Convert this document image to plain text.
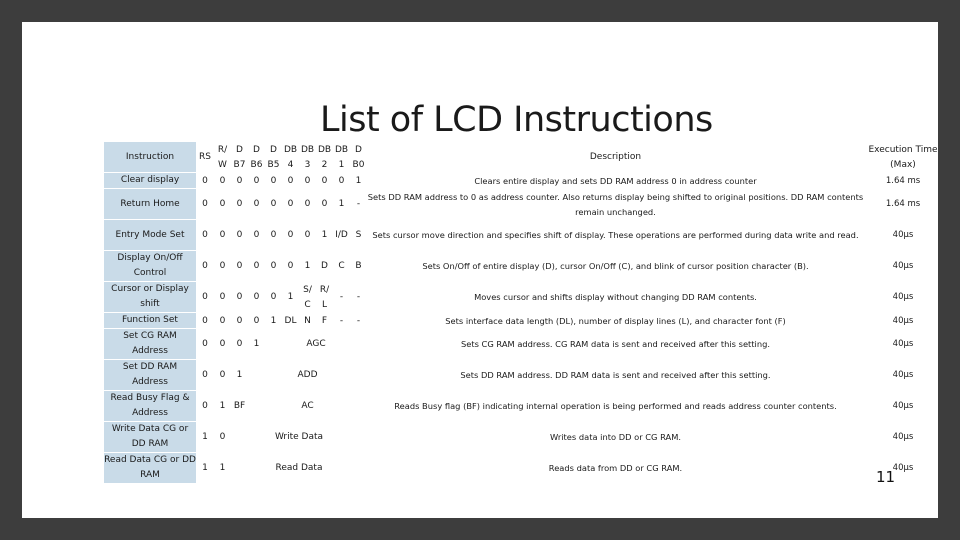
List of LCD Instructions
Instruction	RS	R/ W	D B7	D B6	D B5	DB 4	DB 3	DB 2	DB 1	D B0	Description	Execution Time (Max)
Clear display	0	0	0	0	0	0	0	0	0	1	Clears entire display and sets DD RAM address 0 in address counter	1.64 ms
Return Home	0	0	0	0	0	0	0	0	1	-	Sets DD RAM address to 0 as address counter. Also returns display being shifted to original positions. DD RAM contents remain unchanged.	1.64 ms
Entry Mode Set	0	0	0	0	0	0	0	1	I/D	S	Sets cursor move direction and specifies shift of display. These operations are performed during data write and read.	40μs
Display On/Off Control	0	0	0	0	0	0	1	D	C	B	Sets On/Off of entire display (D), cursor On/Off (C), and blink of cursor position character (B).	40μs
Cursor or Display shift	0	0	0	0	0	1	S/ C	R/ L	-	-	Moves cursor and shifts display without changing DD RAM contents.	40μs
Function Set	0	0	0	0	1	DL	N	F	-	-	Sets interface data length (DL), number of display lines (L), and character font (F)	40μs
Set CG RAM Address	0	0	0	1	AGC						Sets CG RAM address. CG RAM data is sent and received after this setting.	40μs
Set DD RAM Address	0	0	1	ADD							Sets DD RAM address. DD RAM data is sent and received after this setting.	40μs
Read Busy Flag & Address	0	1	BF	AC							Reads Busy flag (BF) indicating internal operation is being performed and reads address counter contents.	40μs
Write Data CG or DD RAM	1	0	Write Data								Writes data into DD or CG RAM.	40μs
Read Data CG or DD RAM	1	1	Read Data								Reads data from DD or CG RAM.	40μs
11
